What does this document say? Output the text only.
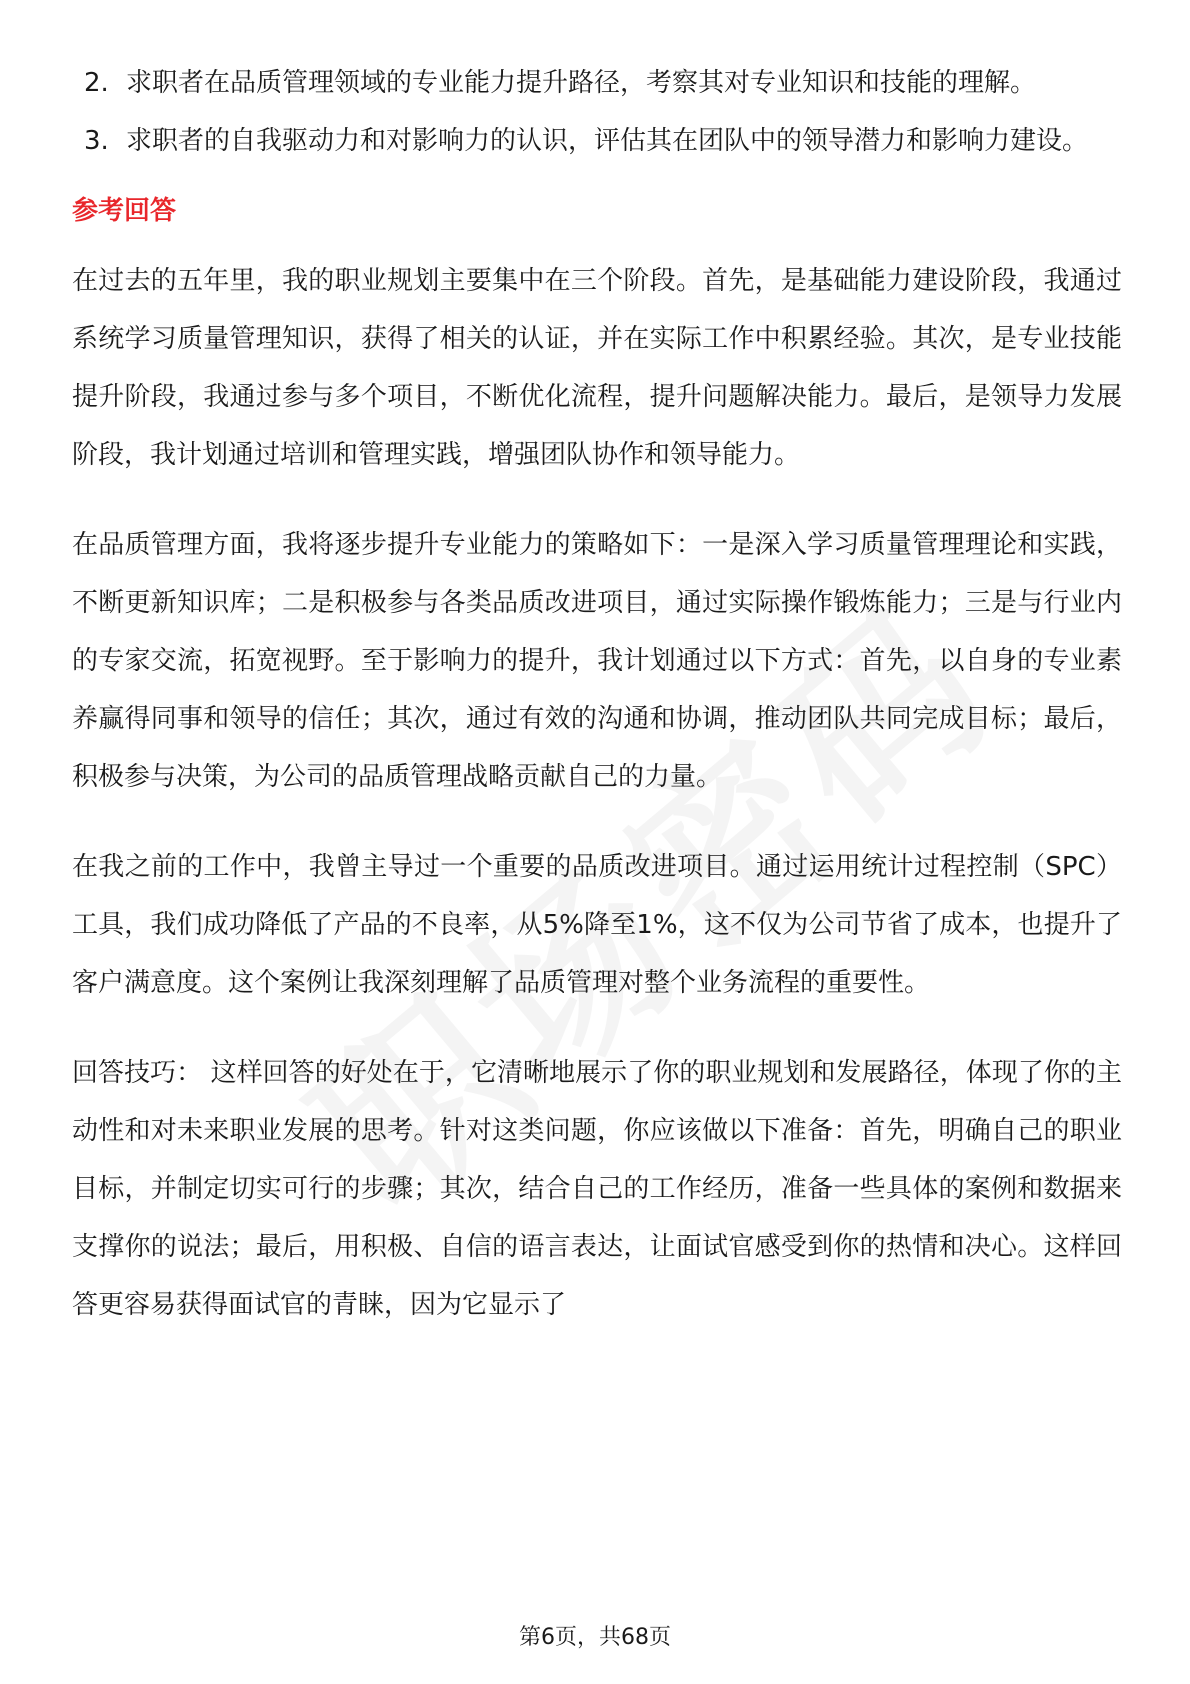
2. 求职者在品质管理领域的专业能力提升路径，考察其对专业知识和技能的理解。
3. 求职者的自我驱动力和对影响力的认识，评估其在团队中的领导潜力和影响力建设。
参考回答

在过去的五年里，我的职业规划主要集中在三个阶段。首先，是基础能力建设阶段，我通过系统学习质量管理知识，获得了相关的认证，并在实际工作中积累经验。其次，是专业技能提升阶段，我通过参与多个项目，不断优化流程，提升问题解决能力。最后，是领导力发展阶段，我计划通过培训和管理实践，增强团队协作和领导能力。

在品质管理方面，我将逐步提升专业能力的策略如下：一是深入学习质量管理理论和实践，不断更新知识库；二是积极参与各类品质改进项目，通过实际操作锻炼能力；三是与行业内的专家交流，拓宽视野。至于影响力的提升，我计划通过以下方式：首先，以自身的专业素养赢得同事和领导的信任；其次，通过有效的沟通和协调，推动团队共同完成目标；最后，积极参与决策，为公司的品质管理战略贡献自己的力量。

在我之前的工作中，我曾主导过一个重要的品质改进项目。通过运用统计过程控制（SPC）工具，我们成功降低了产品的不良率，从5%降至1%，这不仅为公司节省了成本，也提升了客户满意度。这个案例让我深刻理解了品质管理对整个业务流程的重要性。

回答技巧： 这样回答的好处在于，它清晰地展示了你的职业规划和发展路径，体现了你的主动性和对未来职业发展的思考。针对这类问题，你应该做以下准备：首先，明确自己的职业目标，并制定切实可行的步骤；其次，结合自己的工作经历，准备一些具体的案例和数据来支撑你的说法；最后，用积极、自信的语言表达，让面试官感受到你的热情和决心。这样回答更容易获得面试官的青睐，因为它显示了

第6页，共68页
